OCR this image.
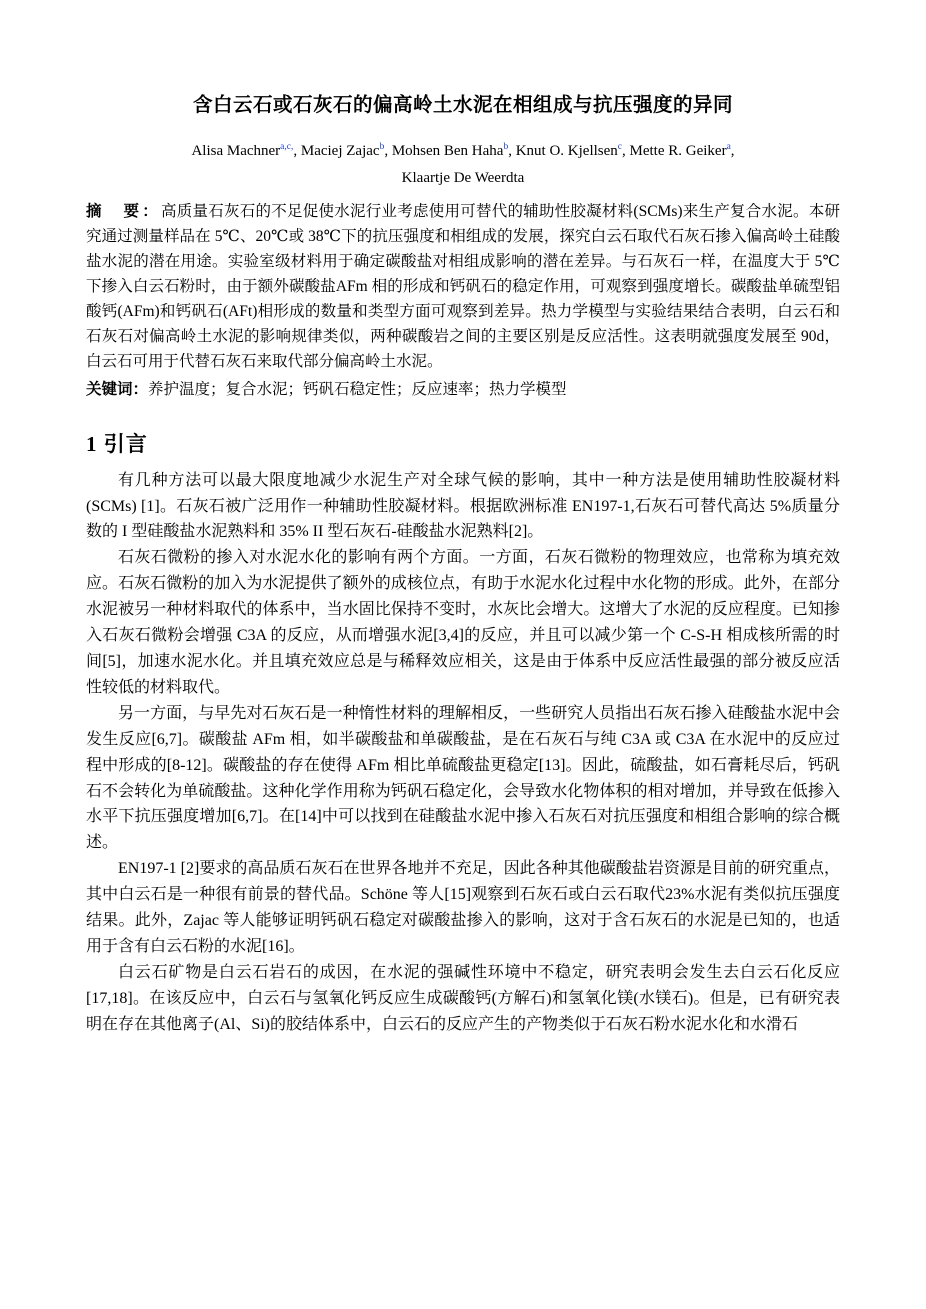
含白云石或石灰石的偏高岭土水泥在相组成与抗压强度的异同
Alisa Machner$^{a,c,}$, Maciej Zajac$^b$, Mohsen Ben Haha$^b$, Knut O. Kjellsen$^c$, Mette R. Geiker$^a$,
Klaartje De Weerdta
摘　要：高质量石灰石的不足促使水泥行业考虑使用可替代的辅助性胶凝材料(SCMs)来生产复合水泥。本研究通过测量样品在 5℃、20℃或 38℃下的抗压强度和相组成的发展，探究白云石取代石灰石掺入偏高岭土硅酸盐水泥的潜在用途。实验室级材料用于确定碳酸盐对相组成影响的潜在差异。与石灰石一样，在温度大于 5℃下掺入白云石粉时，由于额外碳酸盐AFm 相的形成和钙矾石的稳定作用，可观察到强度增长。碳酸盐单硫型铝酸钙(AFm)和钙矾石(AFt)相形成的数量和类型方面可观察到差异。热力学模型与实验结果结合表明，白云石和石灰石对偏高岭土水泥的影响规律类似，两种碳酸岩之间的主要区别是反应活性。这表明就强度发展至 90d，白云石可用于代替石灰石来取代部分偏高岭土水泥。
关键词：养护温度；复合水泥；钙矾石稳定性；反应速率；热力学模型
1 引言

有几种方法可以最大限度地减少水泥生产对全球气候的影响，其中一种方法是使用辅助性胶凝材料(SCMs) [1]。石灰石被广泛用作一种辅助性胶凝材料。根据欧洲标准 EN197-1,石灰石可替代高达 5%质量分数的 I 型硅酸盐水泥熟料和 35% II 型石灰石-硅酸盐水泥熟料[2]。

石灰石微粉的掺入对水泥水化的影响有两个方面。一方面，石灰石微粉的物理效应，也常称为填充效应。石灰石微粉的加入为水泥提供了额外的成核位点，有助于水泥水化过程中水化物的形成。此外，在部分水泥被另一种材料取代的体系中，当水固比保持不变时，水灰比会增大。这增大了水泥的反应程度。已知掺入石灰石微粉会增强 C3A 的反应，从而增强水泥[3,4]的反应，并且可以减少第一个 C-S-H 相成核所需的时间[5]，加速水泥水化。并且填充效应总是与稀释效应相关，这是由于体系中反应活性最强的部分被反应活性较低的材料取代。

另一方面，与早先对石灰石是一种惰性材料的理解相反，一些研究人员指出石灰石掺入硅酸盐水泥中会发生反应[6,7]。碳酸盐 AFm 相，如半碳酸盐和单碳酸盐，是在石灰石与纯 C3A 或 C3A 在水泥中的反应过程中形成的[8-12]。碳酸盐的存在使得 AFm 相比单硫酸盐更稳定[13]。因此，硫酸盐，如石膏耗尽后，钙矾石不会转化为单硫酸盐。这种化学作用称为钙矾石稳定化，会导致水化物体积的相对增加，并导致在低掺入水平下抗压强度增加[6,7]。在[14]中可以找到在硅酸盐水泥中掺入石灰石对抗压强度和相组合影响的综合概述。

EN197-1 [2]要求的高品质石灰石在世界各地并不充足，因此各种其他碳酸盐岩资源是目前的研究重点，其中白云石是一种很有前景的替代品。Schöne 等人[15]观察到石灰石或白云石取代23%水泥有类似抗压强度结果。此外，Zajac 等人能够证明钙矾石稳定对碳酸盐掺入的影响，这对于含石灰石的水泥是已知的，也适用于含有白云石粉的水泥[16]。

白云石矿物是白云石岩石的成因，在水泥的强碱性环境中不稳定，研究表明会发生去白云石化反应 [17,18]。在该反应中，白云石与氢氧化钙反应生成碳酸钙(方解石)和氢氧化镁(水镁石)。但是，已有研究表明在存在其他离子(Al、Si)的胶结体系中，白云石的反应产生的产物类似于石灰石粉水泥水化和水滑石
